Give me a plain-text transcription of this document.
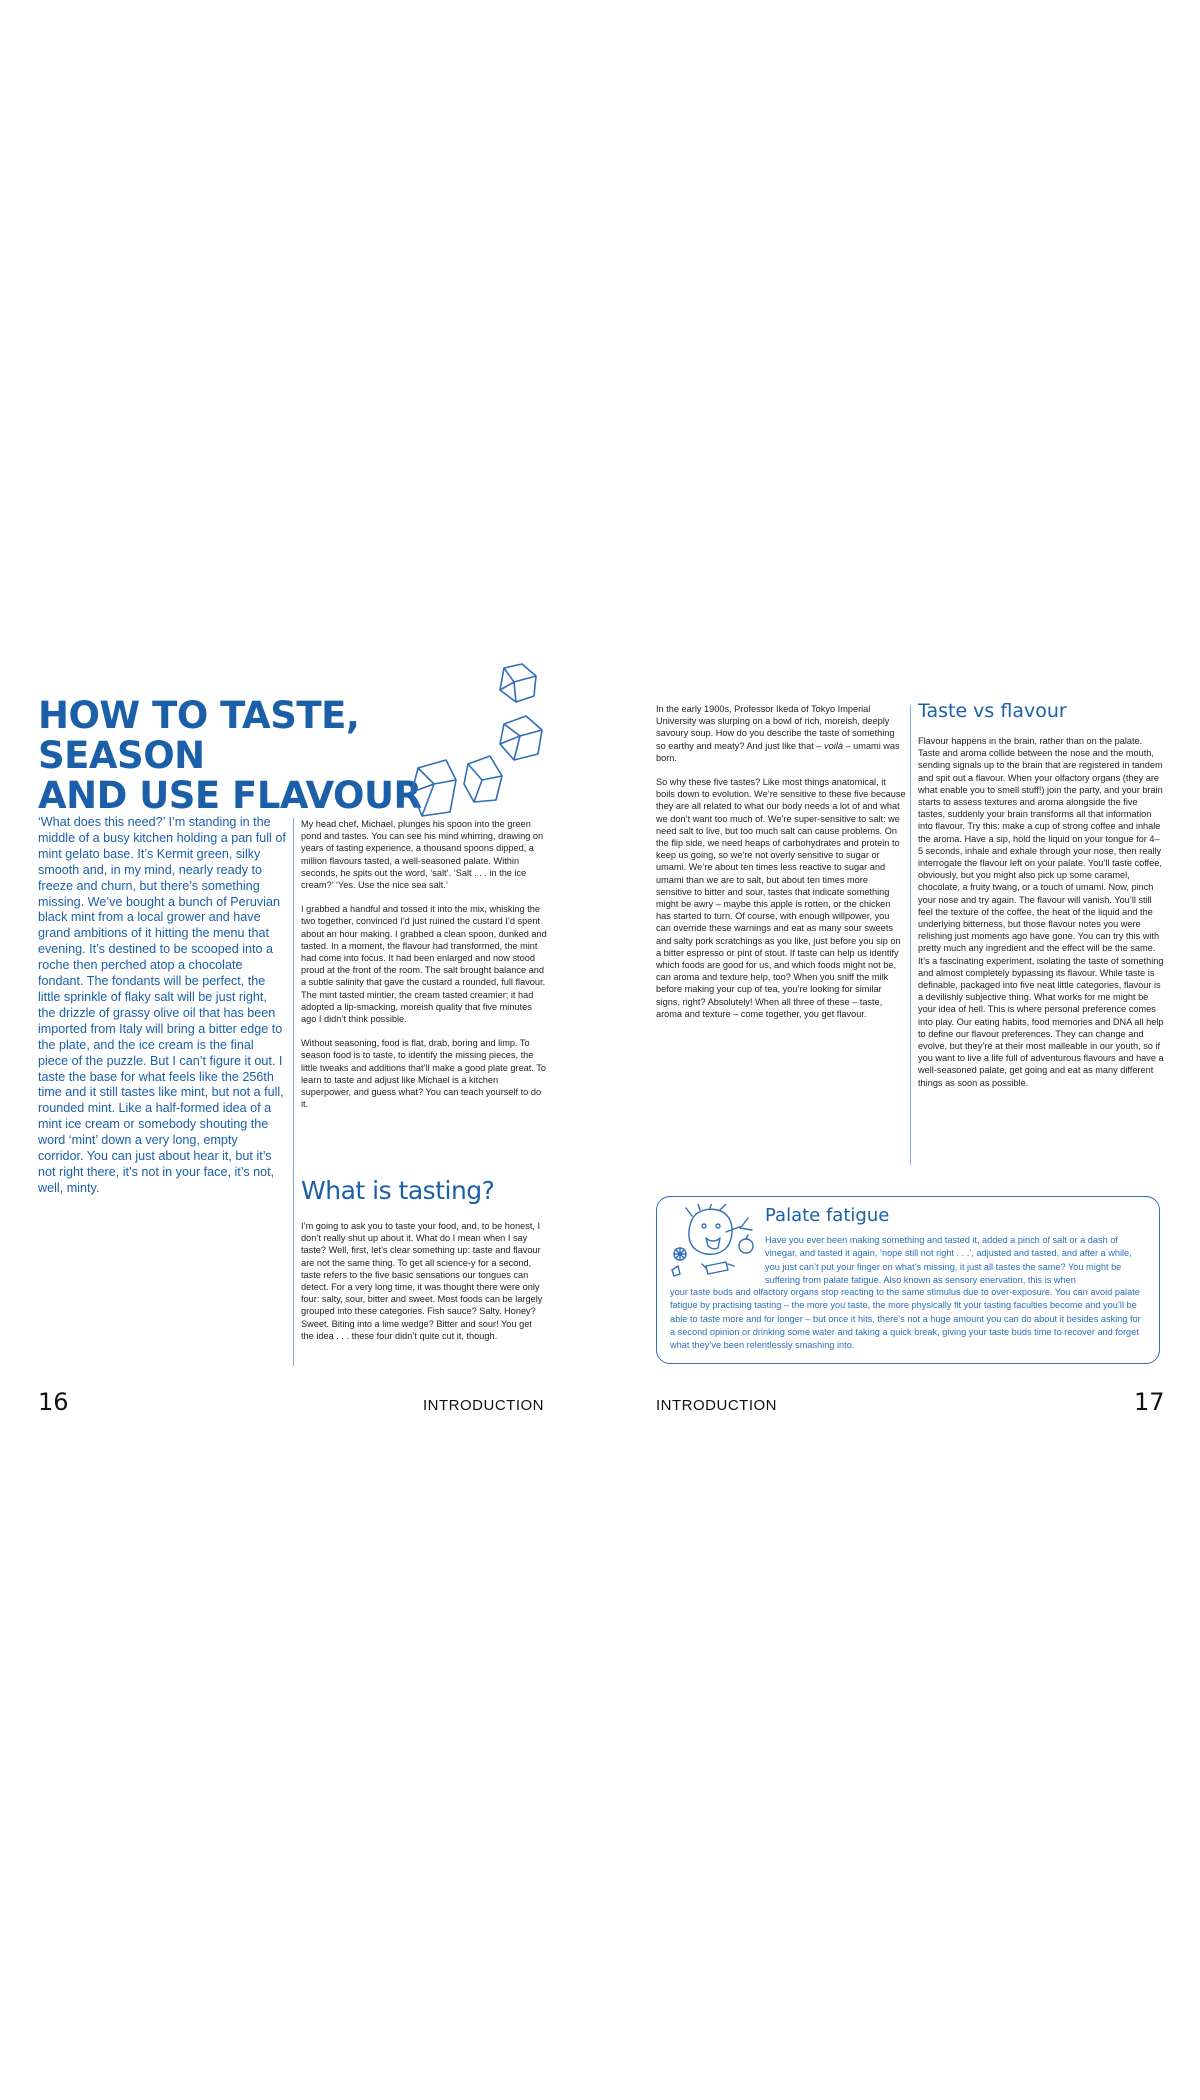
HOW TO TASTE, SEASON
AND USE FLAVOUR
‘What does this need?’ I’m standing in the middle of a busy kitchen holding a pan full of mint gelato base. It’s Kermit green, silky smooth and, in my mind, nearly ready to freeze and churn, but there’s something missing. We’ve bought a bunch of Peruvian black mint from a local grower and have grand ambitions of it hitting the menu that evening. It’s destined to be scooped into a roche then perched atop a chocolate fondant. The fondants will be perfect, the little sprinkle of flaky salt will be just right, the drizzle of grassy olive oil that has been imported from Italy will bring a bitter edge to the plate, and the ice cream is the final piece of the puzzle. But I can’t figure it out. I taste the base for what feels like the 256th time and it still tastes like mint, but not a full, rounded mint. Like a half-formed idea of a mint ice cream or somebody shouting the word ‘mint’ down a very long, empty corridor. You can just about hear it, but it’s not right there, it’s not in your face, it’s not, well, minty.

My head chef, Michael, plunges his spoon into the green pond and tastes. You can see his mind whirring, drawing on years of tasting experience, a thousand spoons dipped, a million flavours tasted, a well-seasoned palate. Within seconds, he spits out the word, ‘salt’. ‘Salt . . . in the ice cream?’ ‘Yes. Use the nice sea salt.’

I grabbed a handful and tossed it into the mix, whisking the two together, convinced I’d just ruined the custard I’d spent about an hour making. I grabbed a clean spoon, dunked and tasted. In a moment, the flavour had transformed, the mint had come into focus. It had been enlarged and now stood proud at the front of the room. The salt brought balance and a subtle salinity that gave the custard a rounded, full flavour. The mint tasted mintier, the cream tasted creamier; it had adopted a lip-smacking, moreish quality that five minutes ago I didn’t think possible.

Without seasoning, food is flat, drab, boring and limp. To season food is to taste, to identify the missing pieces, the little tweaks and additions that’ll make a good plate great. To learn to taste and adjust like Michael is a kitchen superpower, and guess what? You can teach yourself to do it.

What is tasting?

I’m going to ask you to taste your food, and, to be honest, I don’t really shut up about it. What do I mean when I say taste? Well, first, let’s clear something up: taste and flavour are not the same thing. To get all science-y for a second, taste refers to the five basic sensations our tongues can detect. For a very long time, it was thought there were only four: salty, sour, bitter and sweet. Most foods can be largely grouped into these categories. Fish sauce? Salty. Honey? Sweet. Biting into a lime wedge? Bitter and sour! You get the idea . . . these four didn’t quite cut it, though.

16	INTRODUCTION

In the early 1900s, Professor Ikeda of Tokyo Imperial University was slurping on a bowl of rich, moreish, deeply savoury soup. How do you describe the taste of something so earthy and meaty? And just like that – voilà – umami was born.

So why these five tastes? Like most things anatomical, it boils down to evolution. We’re sensitive to these five because they are all related to what our body needs a lot of and what we don’t want too much of. We’re super-sensitive to salt: we need salt to live, but too much salt can cause problems. On the flip side, we need heaps of carbohydrates and protein to keep us going, so we’re not overly sensitive to sugar or umami. We’re about ten times less reactive to sugar and umami than we are to salt, but about ten times more sensitive to bitter and sour, tastes that indicate something might be awry – maybe this apple is rotten, or the chicken has started to turn. Of course, with enough willpower, you can override these warnings and eat as many sour sweets and salty pork scratchings as you like, just before you sip on a bitter espresso or pint of stout. If taste can help us identify which foods are good for us, and which foods might not be, can aroma and texture help, too? When you sniff the milk before making your cup of tea, you’re looking for similar signs, right? Absolutely! When all three of these – taste, aroma and texture – come together, you get flavour.

Taste vs flavour

Flavour happens in the brain, rather than on the palate. Taste and aroma collide between the nose and the mouth, sending signals up to the brain that are registered in tandem and spit out a flavour. When your olfactory organs (they are what enable you to smell stuff!) join the party, and your brain starts to assess textures and aroma alongside the five tastes, suddenly your brain transforms all that information into flavour. Try this: make a cup of strong coffee and inhale the aroma. Have a sip, hold the liquid on your tongue for 4–5 seconds, inhale and exhale through your nose, then really interrogate the flavour left on your palate. You’ll taste coffee, obviously, but you might also pick up some caramel, chocolate, a fruity twang, or a touch of umami. Now, pinch your nose and try again. The flavour will vanish. You’ll still feel the texture of the coffee, the heat of the liquid and the underlying bitterness, but those flavour notes you were relishing just moments ago have gone. You can try this with pretty much any ingredient and the effect will be the same. It’s a fascinating experiment, isolating the taste of something and almost completely bypassing its flavour. While taste is definable, packaged into five neat little categories, flavour is a devilishly subjective thing. What works for me might be your idea of hell. This is where personal preference comes into play. Our eating habits, food memories and DNA all help to define our flavour preferences. They can change and evolve, but they’re at their most malleable in our youth, so if you want to live a life full of adventurous flavours and have a well-seasoned palate, get going and eat as many different things as soon as possible.

Palate fatigue
Have you ever been making something and tasted it, added a pinch of salt or a dash of vinegar, and tasted it again, ‘nope still not right . . .’, adjusted and tasted, and after a while, you just can’t put your finger on what’s missing, it just all tastes the same? You might be suffering from palate fatigue. Also known as sensory enervation, this is when
your taste buds and olfactory organs stop reacting to the same stimulus due to over-exposure. You can avoid palate fatigue by practising tasting – the more you taste, the more physically fit your tasting faculties become and you’ll be able to taste more and for longer – but once it hits, there’s not a huge amount you can do about it besides asking for a second opinion or drinking some water and taking a quick break, giving your taste buds time to recover and forget what they’ve been relentlessly smashing into.
INTRODUCTION	17
